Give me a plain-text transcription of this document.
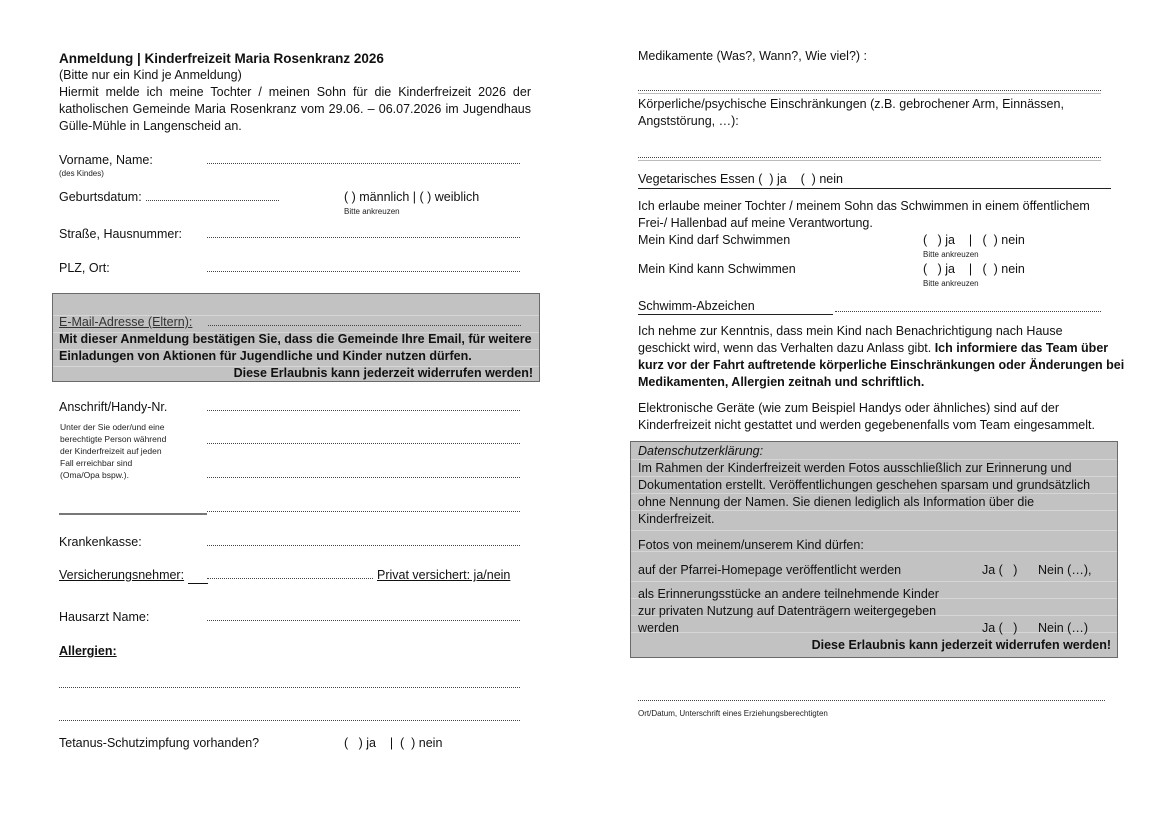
Anmeldung | Kinderfreizeit Maria Rosenkranz 2026
(Bitte nur ein Kind je Anmeldung)
Hiermit melde ich meine Tochter / meinen Sohn für die Kinderfreizeit 2026 der
katholischen Gemeinde Maria Rosenkranz vom 29.06. – 06.07.2026 im Jugendhaus
Gülle-Mühle in Langenscheid an.
Vorname, Name:
(des Kindes)
Geburtsdatum:	( ) männlich | ( ) weiblich
Bitte ankreuzen
Straße, Hausnummer:
PLZ, Ort:
E-Mail-Adresse (Eltern):
Mit dieser Anmeldung bestätigen Sie, dass die Gemeinde Ihre Email, für weitere
Einladungen von Aktionen für Jugendliche und Kinder nutzen dürfen.
Diese Erlaubnis kann jederzeit widerrufen werden!
Anschrift/Handy-Nr.
Unter der Sie oder/und eine
berechtigte Person während
der Kinderfreizeit auf jeden
Fall erreichbar sind
(Oma/Opa bspw.).
Krankenkasse:
Versicherungsnehmer:	Privat versichert: ja/nein
Hausarzt Name:
Allergien:
Tetanus-Schutzimpfung vorhanden?	(   ) ja    |  (  ) nein
Medikamente (Was?, Wann?, Wie viel?) :
Körperliche/psychische Einschränkungen (z.B. gebrochener Arm, Einnässen,
Angststörung, …):
Vegetarisches Essen (  ) ja    (  ) nein
Ich erlaube meiner Tochter / meinem Sohn das Schwimmen in einem öffentlichem
Frei-/ Hallenbad auf meine Verantwortung.
Mein Kind darf Schwimmen	(   ) ja    |   (  ) nein
Bitte ankreuzen
Mein Kind kann Schwimmen	(   ) ja    |   (  ) nein
Bitte ankreuzen
Schwimm-Abzeichen
Ich nehme zur Kenntnis, dass mein Kind nach Benachrichtigung nach Hause
geschickt wird, wenn das Verhalten dazu Anlass gibt. Ich informiere das Team über
kurz vor der Fahrt auftretende körperliche Einschränkungen oder Änderungen bei
Medikamenten, Allergien zeitnah und schriftlich.
Elektronische Geräte (wie zum Beispiel Handys oder ähnliches) sind auf der
Kinderfreizeit nicht gestattet und werden gegebenenfalls vom Team eingesammelt.
Datenschutzerklärung:
Im Rahmen der Kinderfreizeit werden Fotos ausschließlich zur Erinnerung und
Dokumentation erstellt. Veröffentlichungen geschehen sparsam und grundsätzlich
ohne Nennung der Namen. Sie dienen lediglich als Information über die
Kinderfreizeit.
Fotos von meinem/unserem Kind dürfen:
auf der Pfarrei-Homepage veröffentlicht werden	Ja (   ) Nein (…),
als Erinnerungsstücke an andere teilnehmende Kinder
zur privaten Nutzung auf Datenträgern weitergegeben
werden	Ja (   ) Nein (…)
Diese Erlaubnis kann jederzeit widerrufen werden!
Ort/Datum, Unterschrift eines Erziehungsberechtigten
